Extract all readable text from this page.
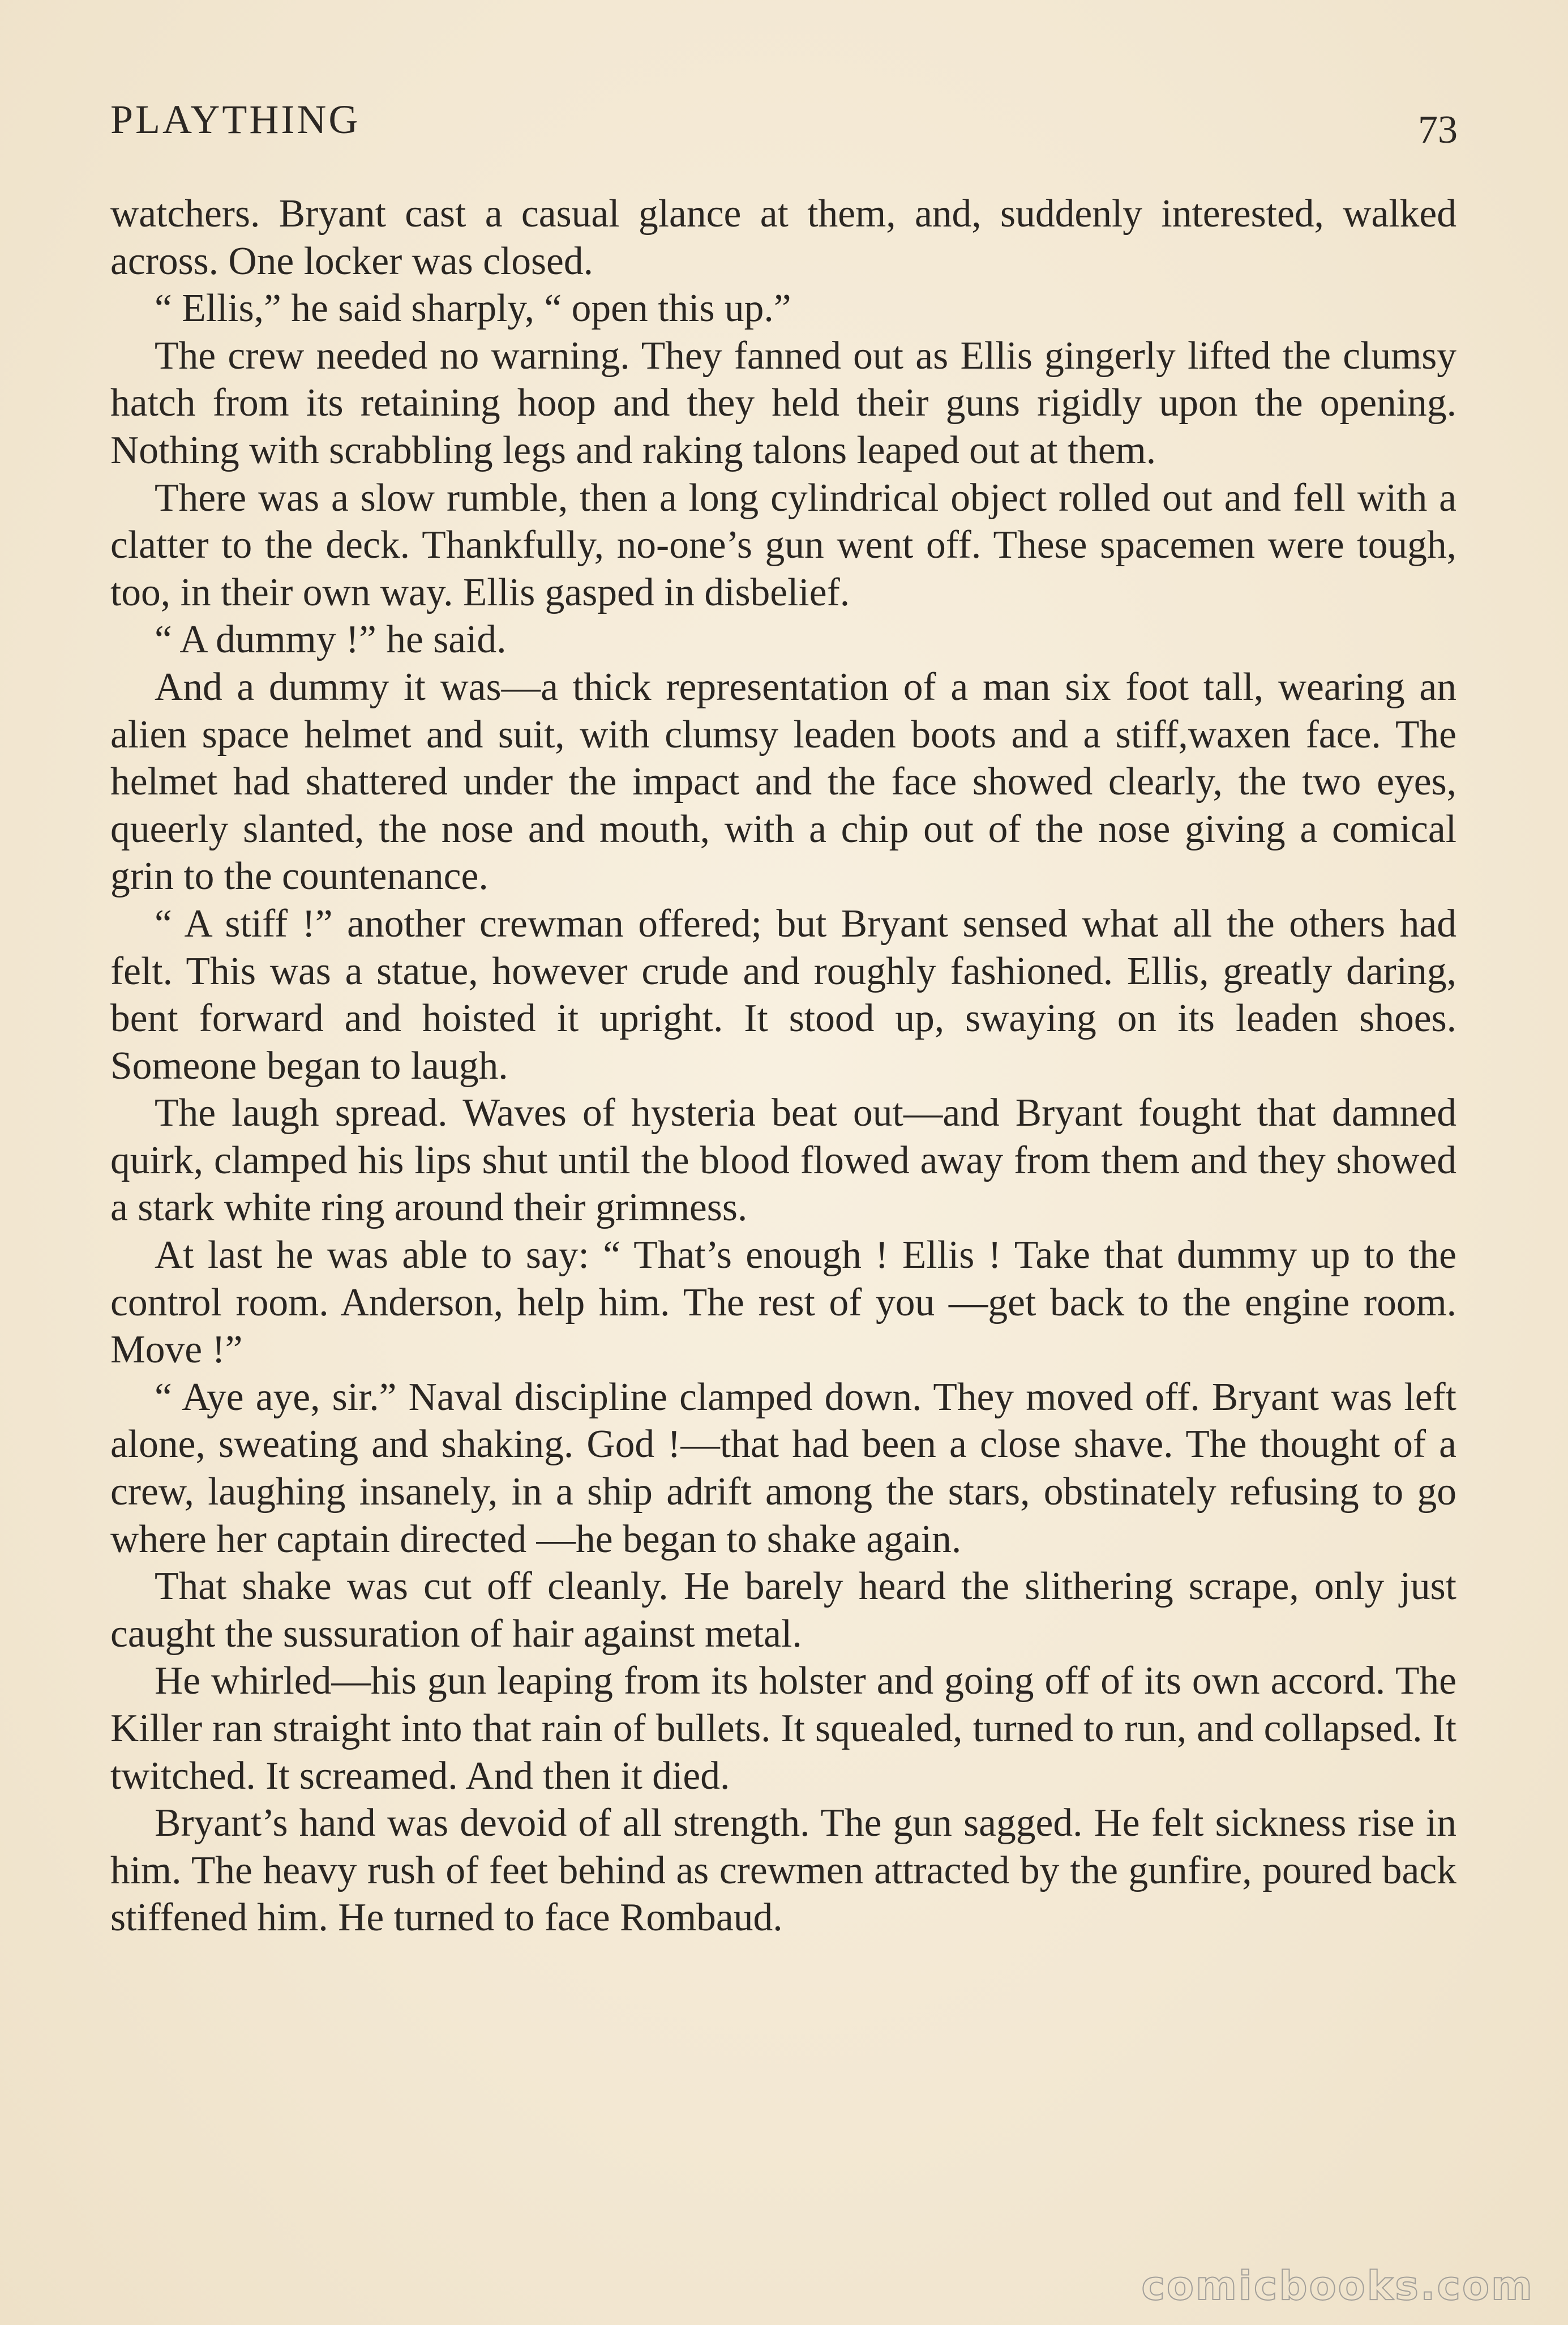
PLAYTHING	73

watchers. Bryant cast a casual glance at them, and, suddenly interested, walked across. One locker was closed.

“ Ellis,” he said sharply, “ open this up.”

The crew needed no warning. They fanned out as Ellis gingerly lifted the clumsy hatch from its retaining hoop and they held their guns rigidly upon the opening. Nothing with scrabbling legs and raking talons leaped out at them.

There was a slow rumble, then a long cylindrical object rolled out and fell with a clatter to the deck. Thankfully, no-one’s gun went off. These spacemen were tough, too, in their own way. Ellis gasped in disbelief.

“ A dummy !” he said.

And a dummy it was—a thick representation of a man six foot tall, wearing an alien space helmet and suit, with clumsy leaden boots and a stiff,waxen face. The helmet had shattered under the impact and the face showed clearly, the two eyes, queerly slanted, the nose and mouth, with a chip out of the nose giving a comical grin to the countenance.

“ A stiff !” another crewman offered; but Bryant sensed what all the others had felt. This was a statue, however crude and roughly fashioned. Ellis, greatly daring, bent forward and hoisted it upright. It stood up, swaying on its leaden shoes. Someone began to laugh.

The laugh spread. Waves of hysteria beat out—and Bryant fought that damned quirk, clamped his lips shut until the blood flowed away from them and they showed a stark white ring around their grimness.

At last he was able to say: “ That’s enough ! Ellis ! Take that dummy up to the control room. Anderson, help him. The rest of you —get back to the engine room. Move !”

“ Aye aye, sir.” Naval discipline clamped down. They moved off. Bryant was left alone, sweating and shaking. God !—that had been a close shave. The thought of a crew, laughing insanely, in a ship adrift among the stars, obstinately refusing to go where her captain directed —he began to shake again.

That shake was cut off cleanly. He barely heard the slithering scrape, only just caught the sussuration of hair against metal.

He whirled—his gun leaping from its holster and going off of its own accord. The Killer ran straight into that rain of bullets. It squealed, turned to run, and collapsed. It twitched. It screamed. And then it died.

Bryant’s hand was devoid of all strength. The gun sagged. He felt sickness rise in him. The heavy rush of feet behind as crewmen attracted by the gunfire, poured back stiffened him. He turned to face Rombaud.

comicbooks.com
